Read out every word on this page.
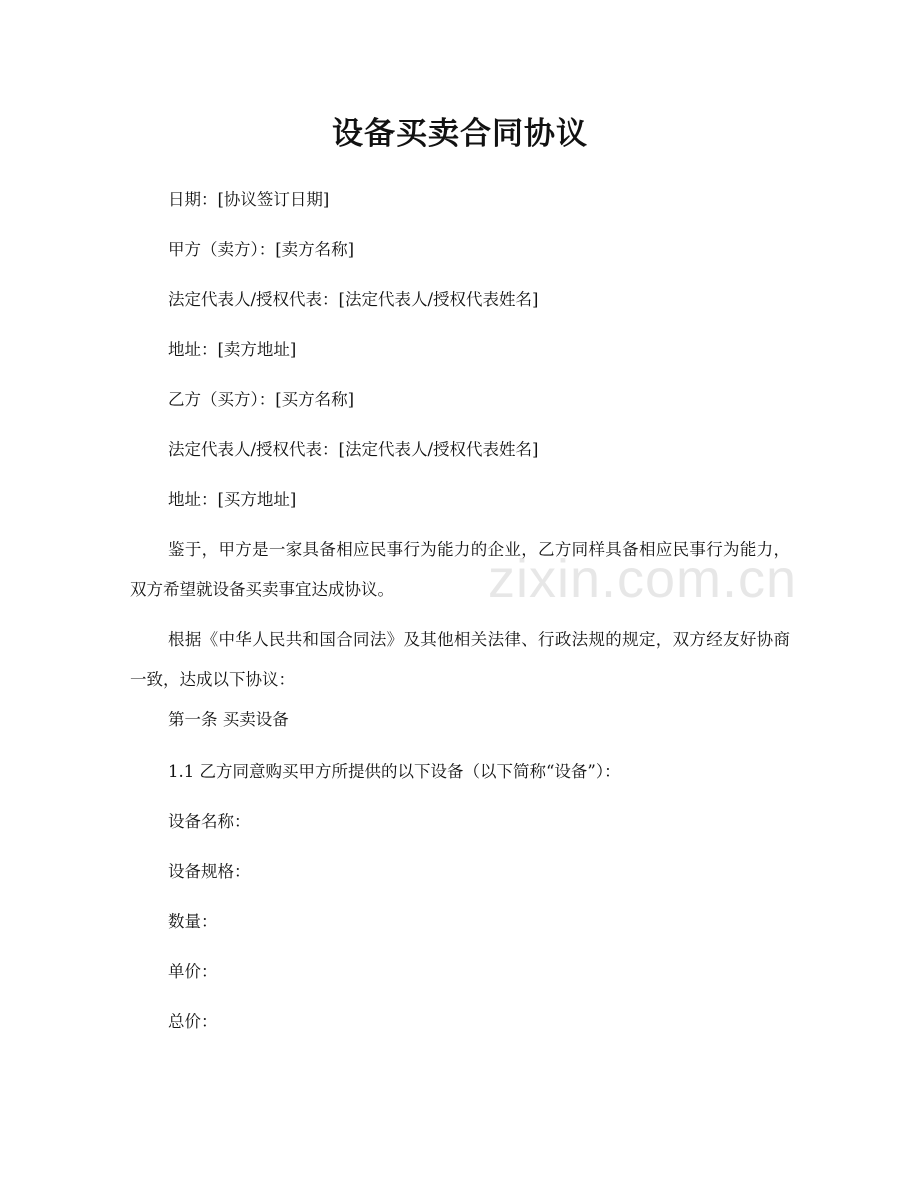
设备买卖合同协议

日期：[协议签订日期]

甲方（卖方）：[卖方名称]

法定代表人/授权代表：[法定代表人/授权代表姓名]

地址：[卖方地址]

乙方（买方）：[买方名称]

法定代表人/授权代表：[法定代表人/授权代表姓名]

地址：[买方地址]

鉴于，甲方是一家具备相应民事行为能力的企业，乙方同样具备相应民事行为能力，双方希望就设备买卖事宜达成协议。

根据《中华人民共和国合同法》及其他相关法律、行政法规的规定，双方经友好协商一致，达成以下协议：

第一条 买卖设备

1.1 乙方同意购买甲方所提供的以下设备（以下简称“设备”）：

设备名称：

设备规格：

数量：

单价：

总价：

zixin.com.cn
